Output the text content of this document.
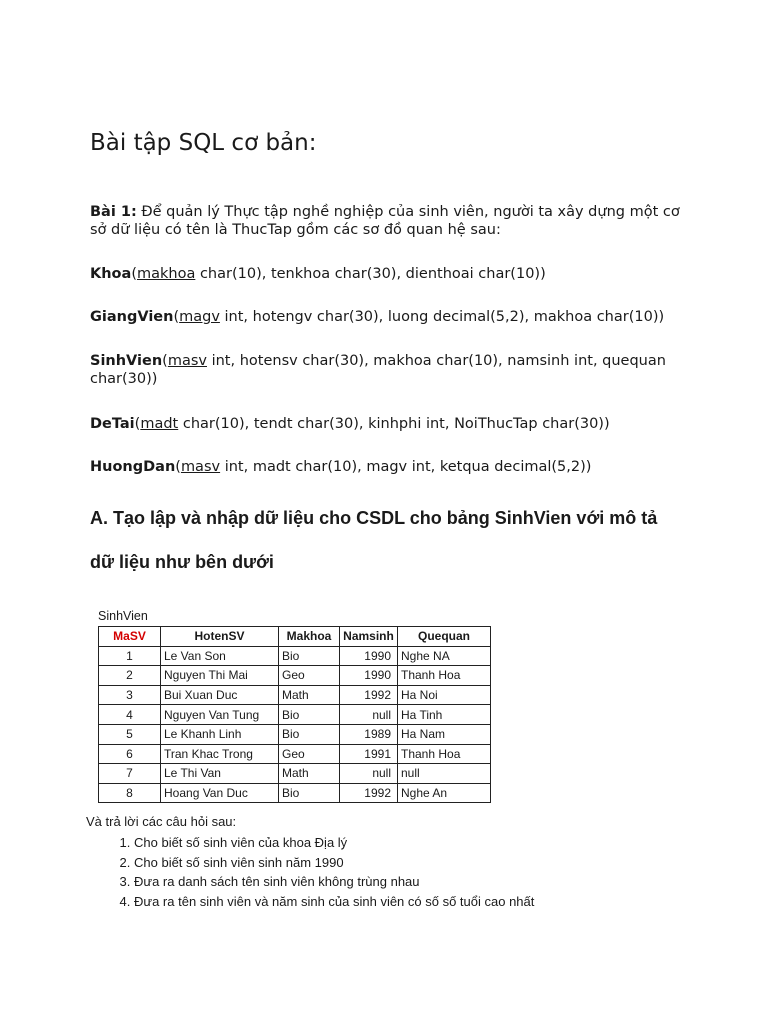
Bài tập SQL cơ bản:

Bài 1: Để quản lý Thực tập nghề nghiệp của sinh viên, người ta xây dựng một cơ sở dữ liệu có tên là ThucTap gồm các sơ đồ quan hệ sau:

Khoa(makhoa char(10), tenkhoa char(30), dienthoai char(10))

GiangVien(magv int, hotengv char(30), luong decimal(5,2), makhoa char(10))

SinhVien(masv int, hotensv char(30), makhoa char(10), namsinh int, quequan char(30))

DeTai(madt char(10), tendt char(30), kinhphi int, NoiThucTap char(30))

HuongDan(masv int, madt char(10), magv int, ketqua decimal(5,2))

A. Tạo lập và nhập dữ liệu cho CSDL cho bảng SinhVien với mô tả
dữ liệu như bên dưới
SinhVien
MaSV	HotenSV	Makhoa	Namsinh	Quequan
1	Le Van Son	Bio	1990	Nghe NA
2	Nguyen Thi Mai	Geo	1990	Thanh Hoa
3	Bui Xuan Duc	Math	1992	Ha Noi
4	Nguyen Van Tung	Bio	null	Ha Tinh
5	Le Khanh Linh	Bio	1989	Ha Nam
6	Tran Khac Trong	Geo	1991	Thanh Hoa
7	Le Thi Van	Math	null	null
8	Hoang Van Duc	Bio	1992	Nghe An
Và trả lời các câu hỏi sau:
1. Cho biết số sinh viên của khoa Địa lý
2. Cho biết số sinh viên sinh năm 1990
3. Đưa ra danh sách tên sinh viên không trùng nhau
4. Đưa ra tên sinh viên và năm sinh của sinh viên có số số tuổi cao nhất
